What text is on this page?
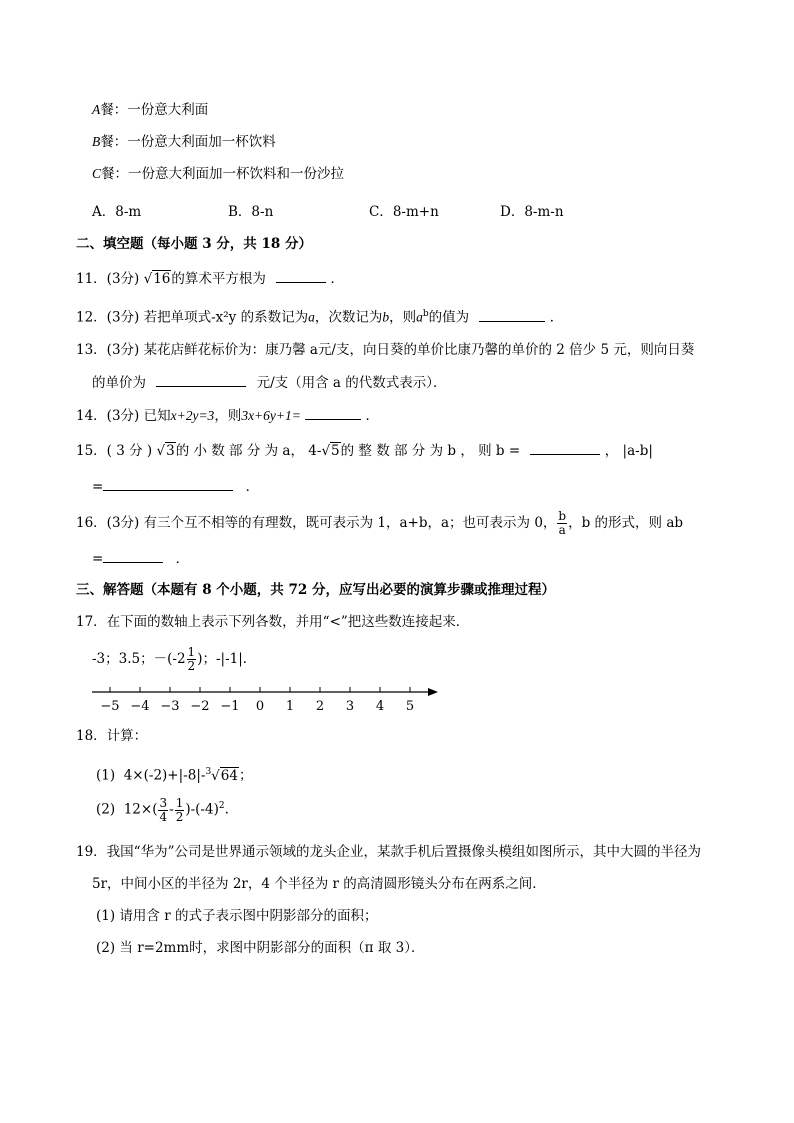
A餐：一份意大利面
B餐：一份意大利面加一杯饮料
C餐：一份意大利面加一杯饮料和一份沙拉
A．8-m	B．8-n	C．8-m+n	D．8-m-n
二、填空题（每小题 3 分，共 18 分）
11．(3分) √16的算术平方根为	．
12．(3分) 若把单项式-x²y 的系数记为a，次数记为b，则$a^b$的值为	．
13．(3分) 某花店鲜花标价为：康乃馨 a元/支，向日葵的单价比康乃馨的单价的 2 倍少 5 元，则向日葵
的单价为	元/支（用含 a 的代数式表示）．
14．(3分) 已知x+2y=3，则3x+6y+1=	．
15．( 3 分 ) √3的 小 数 部 分 为 a， 4-√5的 整 数 部 分 为 b ， 则 b =	， |a-b|
=	．
16．(3分) 有三个互不相等的有理数，既可表示为 1，a+b，a；也可表示为 0， $\frac{b}{a}$ ，b 的形式，则 ab
=	．
三、解答题（本题有 8 个小题，共 72 分，应写出必要的演算步骤或推理过程）
17．在下面的数轴上表示下列各数，并用“<”把这些数连接起来．
-3；3.5；$-(-2 \frac{1}{2}$ )；-|-1|．
−5 −4 −3 −2 −1 0 1 2 3 4 5
18．计算：
(1) 4×(-2)+|-8|-$^3$√64；
(2) $12\times( \frac{3}{4} - \frac{1}{2} )-(-4)^2$.
19．我国“华为”公司是世界通示领域的龙头企业，某款手机后置摄像头模组如图所示，其中大圆的半径为
5r，中间小区的半径为 2r，4 个半径为 r 的高清圆形镜头分布在两系之间．
(1) 请用含 r 的式子表示图中阴影部分的面积；
(2) 当 r=2mm时，求图中阴影部分的面积（π 取 3）．
